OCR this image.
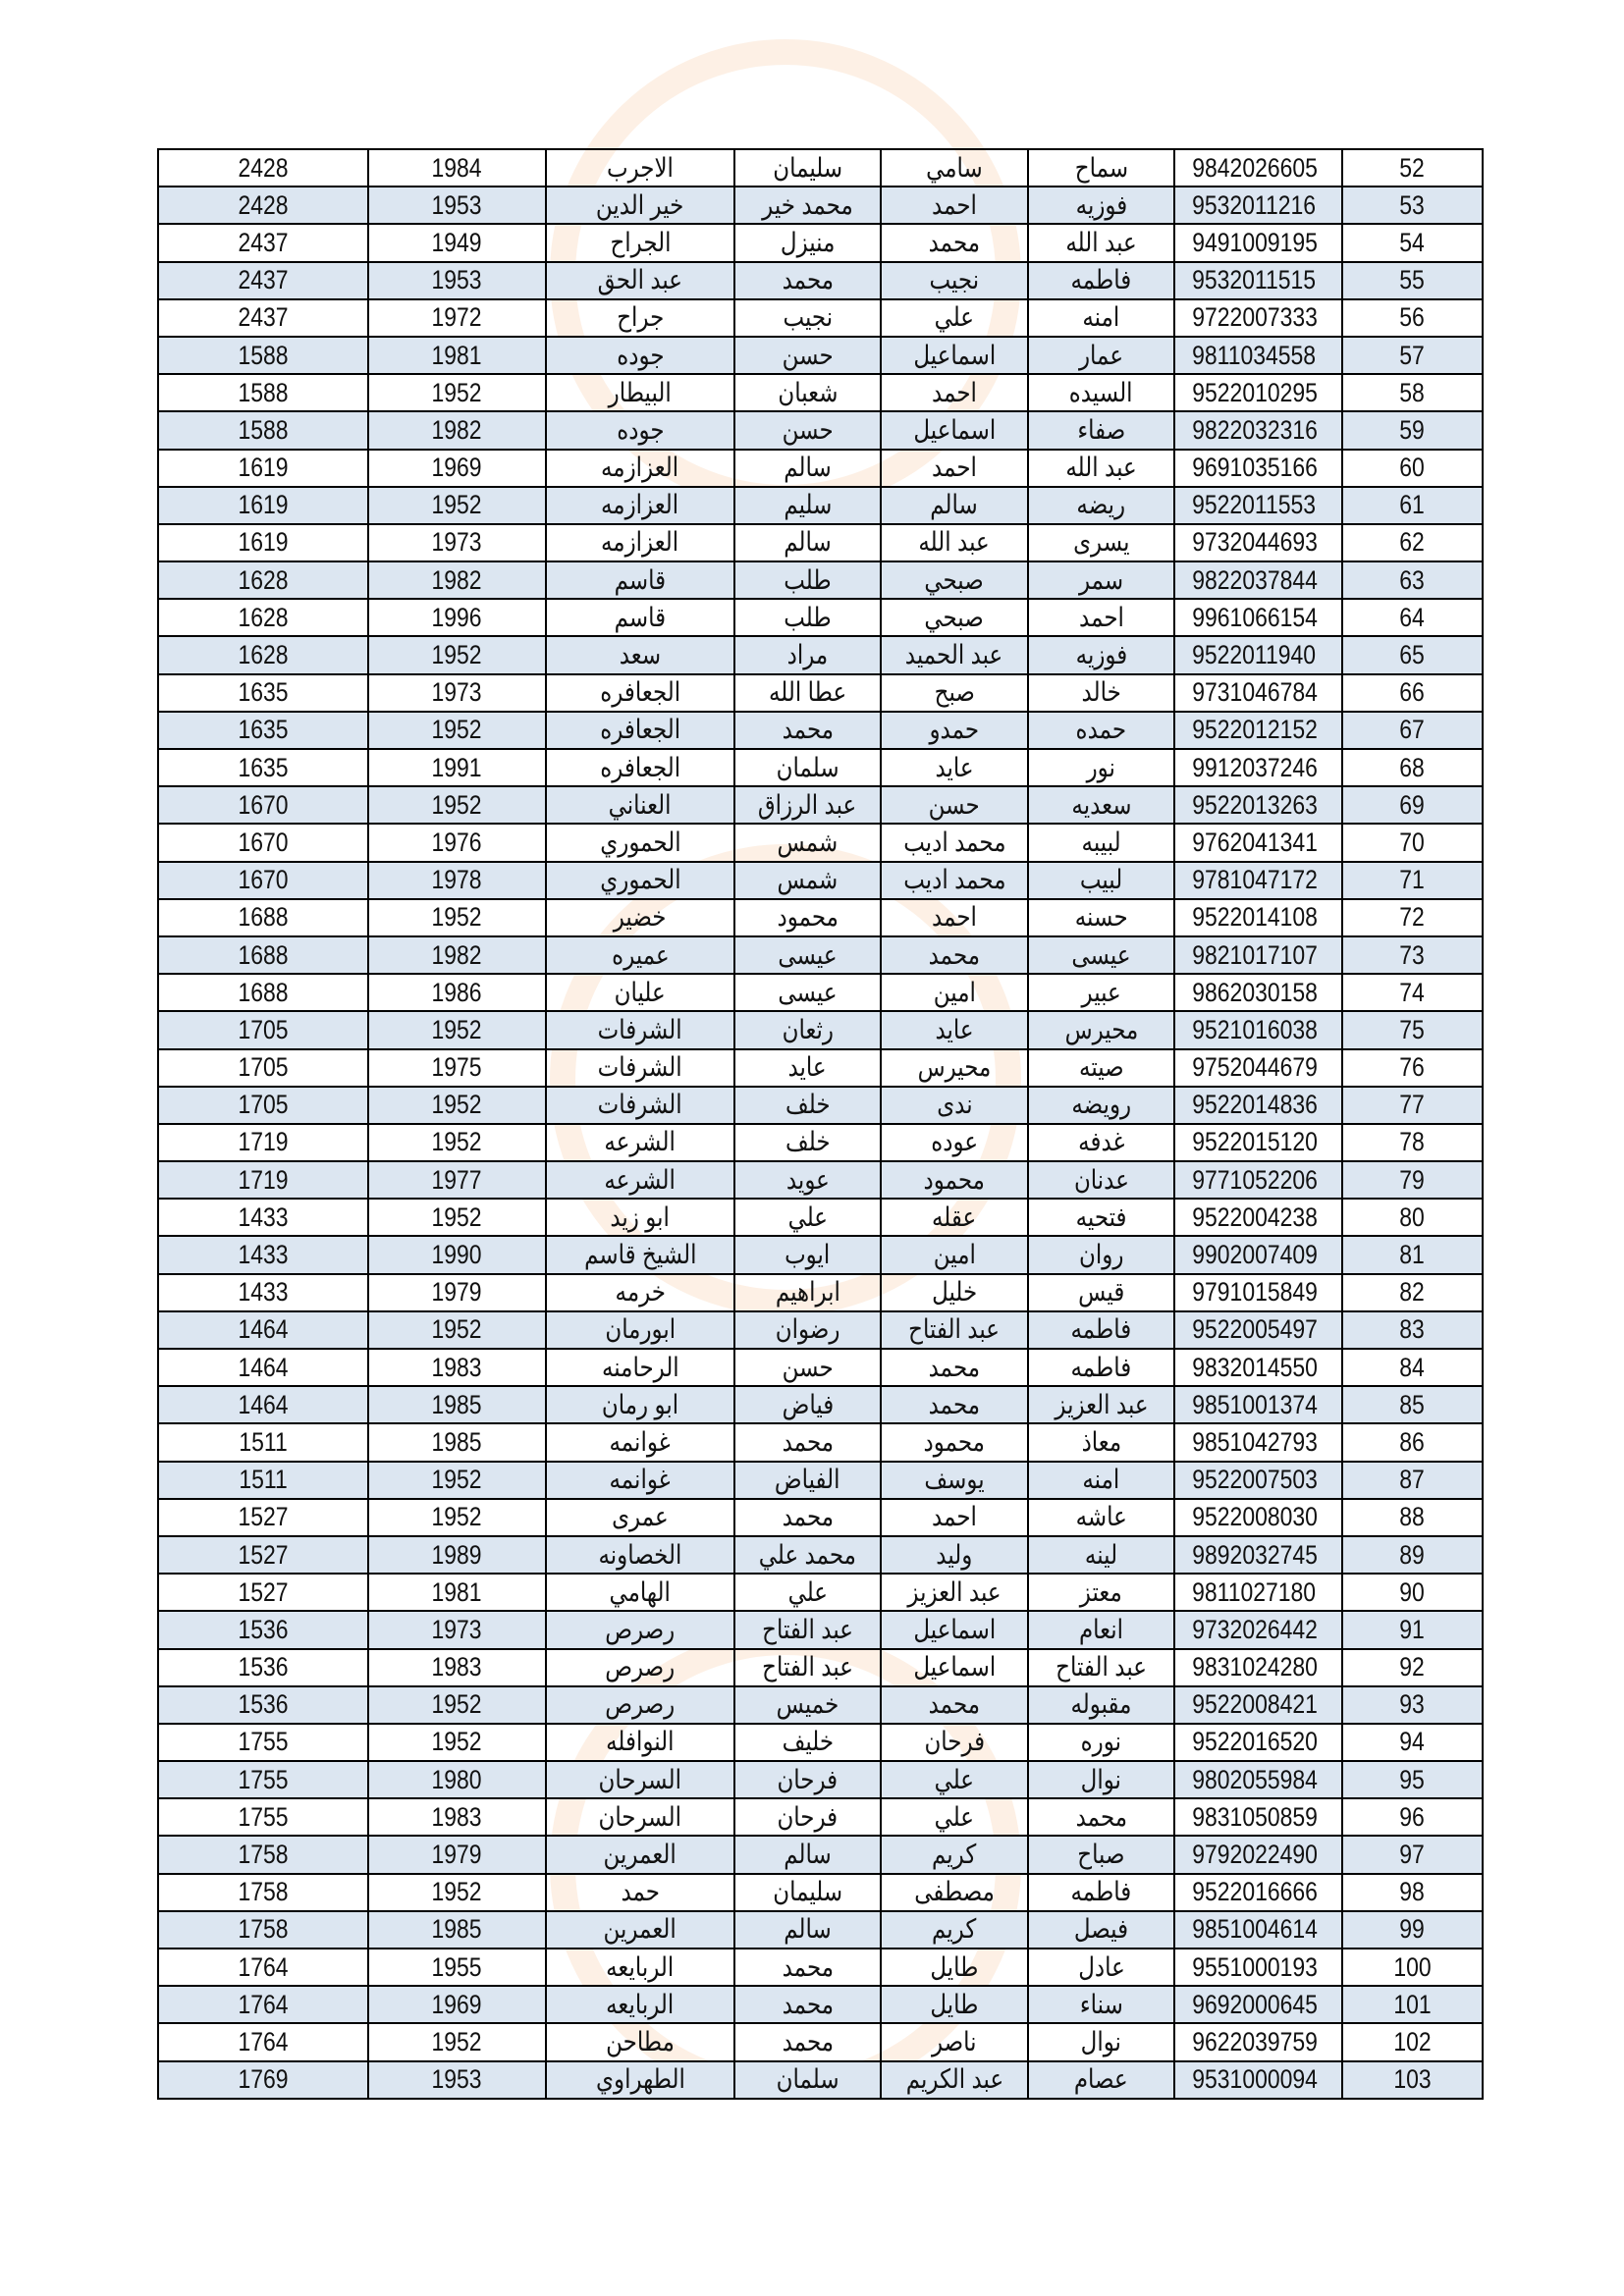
2428	1984	الاجرب	سليمان	سامي	سماح	9842026605	52
2428	1953	خير الدين	محمد خير	احمد	فوزيه	9532011216	53
2437	1949	الجراح	منيزل	محمد	عبد الله	9491009195	54
2437	1953	عبد الحق	محمد	نجيب	فاطمه	9532011515	55
2437	1972	جراح	نجيب	علي	امنه	9722007333	56
1588	1981	جوده	حسن	اسماعيل	عمار	9811034558	57
1588	1952	البيطار	شعبان	احمد	السيده	9522010295	58
1588	1982	جوده	حسن	اسماعيل	صفاء	9822032316	59
1619	1969	العزازمه	سالم	احمد	عبد الله	9691035166	60
1619	1952	العزازمه	سليم	سالم	ريضه	9522011553	61
1619	1973	العزازمه	سالم	عبد الله	يسرى	9732044693	62
1628	1982	قاسم	طلب	صبحي	سمر	9822037844	63
1628	1996	قاسم	طلب	صبحي	احمد	9961066154	64
1628	1952	سعد	مراد	عبد الحميد	فوزيه	9522011940	65
1635	1973	الجعافره	عطا الله	صبح	خالد	9731046784	66
1635	1952	الجعافره	محمد	حمدو	حمده	9522012152	67
1635	1991	الجعافره	سلمان	عايد	نور	9912037246	68
1670	1952	العناني	عبد الرزاق	حسن	سعديه	9522013263	69
1670	1976	الحموري	شمس	محمد اديب	لبيبه	9762041341	70
1670	1978	الحموري	شمس	محمد اديب	لبيب	9781047172	71
1688	1952	خضير	محمود	احمد	حسنه	9522014108	72
1688	1982	عميره	عيسى	محمد	عيسى	9821017107	73
1688	1986	عليان	عيسى	امين	عبير	9862030158	74
1705	1952	الشرفات	رثعان	عايد	محيرس	9521016038	75
1705	1975	الشرفات	عايد	محيرس	صيته	9752044679	76
1705	1952	الشرفات	خلف	ندى	رويضه	9522014836	77
1719	1952	الشرعه	خلف	عوده	غدفه	9522015120	78
1719	1977	الشرعه	عويد	محمود	عدنان	9771052206	79
1433	1952	ابو زيد	علي	عقله	فتحيه	9522004238	80
1433	1990	الشيخ قاسم	ايوب	امين	روان	9902007409	81
1433	1979	خرمه	ابراهيم	خليل	قيس	9791015849	82
1464	1952	ابورمان	رضوان	عبد الفتاح	فاطمه	9522005497	83
1464	1983	الرحامنه	حسن	محمد	فاطمه	9832014550	84
1464	1985	ابو رمان	فياض	محمد	عبد العزيز	9851001374	85
1511	1985	غوانمه	محمد	محمود	معاذ	9851042793	86
1511	1952	غوانمه	الفياض	يوسف	امنه	9522007503	87
1527	1952	عمرى	محمد	احمد	عاشه	9522008030	88
1527	1989	الخصاونه	محمد علي	وليد	لينه	9892032745	89
1527	1981	الهامي	علي	عبد العزيز	معتز	9811027180	90
1536	1973	رصرص	عبد الفتاح	اسماعيل	انعام	9732026442	91
1536	1983	رصرص	عبد الفتاح	اسماعيل	عبد الفتاح	9831024280	92
1536	1952	رصرص	خميس	محمد	مقبوله	9522008421	93
1755	1952	النوافله	خليف	فرحان	نوره	9522016520	94
1755	1980	السرحان	فرحان	علي	نوال	9802055984	95
1755	1983	السرحان	فرحان	علي	محمد	9831050859	96
1758	1979	العمرين	سالم	كريم	صباح	9792022490	97
1758	1952	حمد	سليمان	مصطفى	فاطمه	9522016666	98
1758	1985	العمرين	سالم	كريم	فيصل	9851004614	99
1764	1955	الربايعه	محمد	طايل	عادل	9551000193	100
1764	1969	الربايعه	محمد	طايل	سناء	9692000645	101
1764	1952	مطاحن	محمد	ناصر	نوال	9622039759	102
1769	1953	الطهراوي	سلمان	عبد الكريم	عصام	9531000094	103
